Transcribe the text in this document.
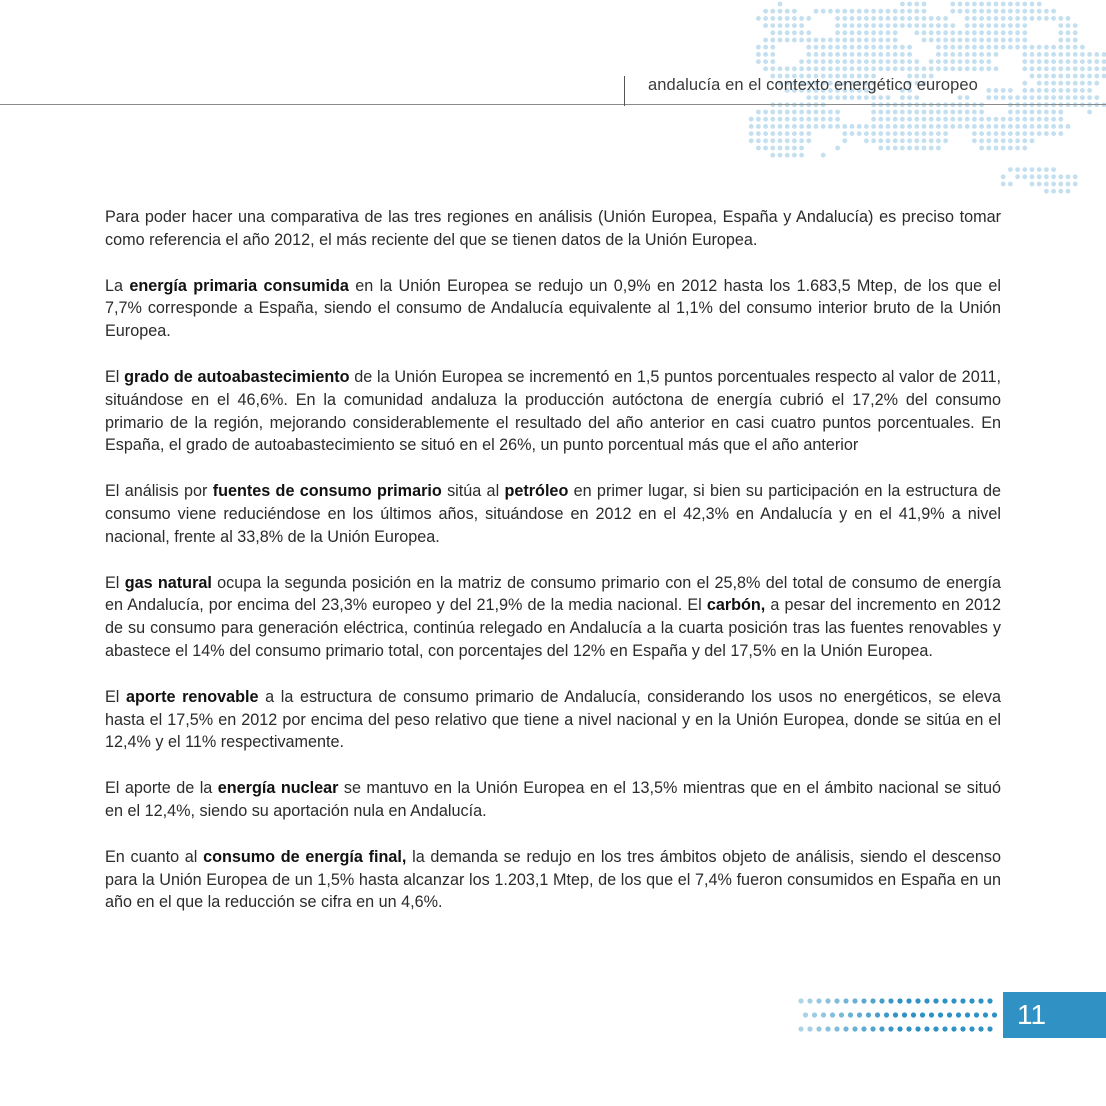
andalucía en el contexto energético europeo

Para poder hacer una comparativa de las tres regiones en análisis (Unión Europea, España y Andalucía) es preciso tomar como referencia el año 2012, el más reciente del que se tienen datos de la Unión Europea.

La energía primaria consumida en la Unión Europea se redujo un 0,9% en 2012 hasta los 1.683,5 Mtep, de los que el 7,7% corresponde a España, siendo el consumo de Andalucía equivalente al 1,1% del consumo interior bruto de la Unión Europea.

El grado de autoabastecimiento de la Unión Europea se incrementó en 1,5 puntos porcentuales respecto al valor de 2011, situándose en el 46,6%. En la comunidad andaluza la producción autóctona de energía cubrió el 17,2% del consumo primario de la región, mejorando considerablemente el resultado del año anterior en casi cuatro puntos porcentuales. En España, el grado de autoabastecimiento se situó en el 26%, un punto porcentual más que el año anterior

El análisis por fuentes de consumo primario sitúa al petróleo en primer lugar, si bien su participación en la estructura de consumo viene reduciéndose en los últimos años, situándose en 2012 en el 42,3% en Andalucía y en el 41,9% a nivel nacional, frente al 33,8% de la Unión Europea.

El gas natural ocupa la segunda posición en la matriz de consumo primario con el 25,8% del total de consumo de energía en Andalucía, por encima del 23,3% europeo y del 21,9% de la media nacional. El carbón, a pesar del incremento en 2012 de su consumo para generación eléctrica, continúa relegado en Andalucía a la cuarta posición tras las fuentes renovables y abastece el 14% del consumo primario total, con porcentajes del 12% en España y del 17,5% en la Unión Europea.

El aporte renovable a la estructura de consumo primario de Andalucía, considerando los usos no energéticos, se eleva hasta el 17,5% en 2012 por encima del peso relativo que tiene a nivel nacional y en la Unión Europea, donde se sitúa en el 12,4% y el 11% respectivamente.

El aporte de la energía nuclear se mantuvo en la Unión Europea en el 13,5% mientras que en el ámbito nacional se situó en el 12,4%, siendo su aportación nula en Andalucía.

En cuanto al consumo de energía final, la demanda se redujo en los tres ámbitos objeto de análisis, siendo el descenso para la Unión Europea de un 1,5% hasta alcanzar los 1.203,1 Mtep, de los que el 7,4% fueron consumidos en España en un año en el que la reducción se cifra en un 4,6%.

11
